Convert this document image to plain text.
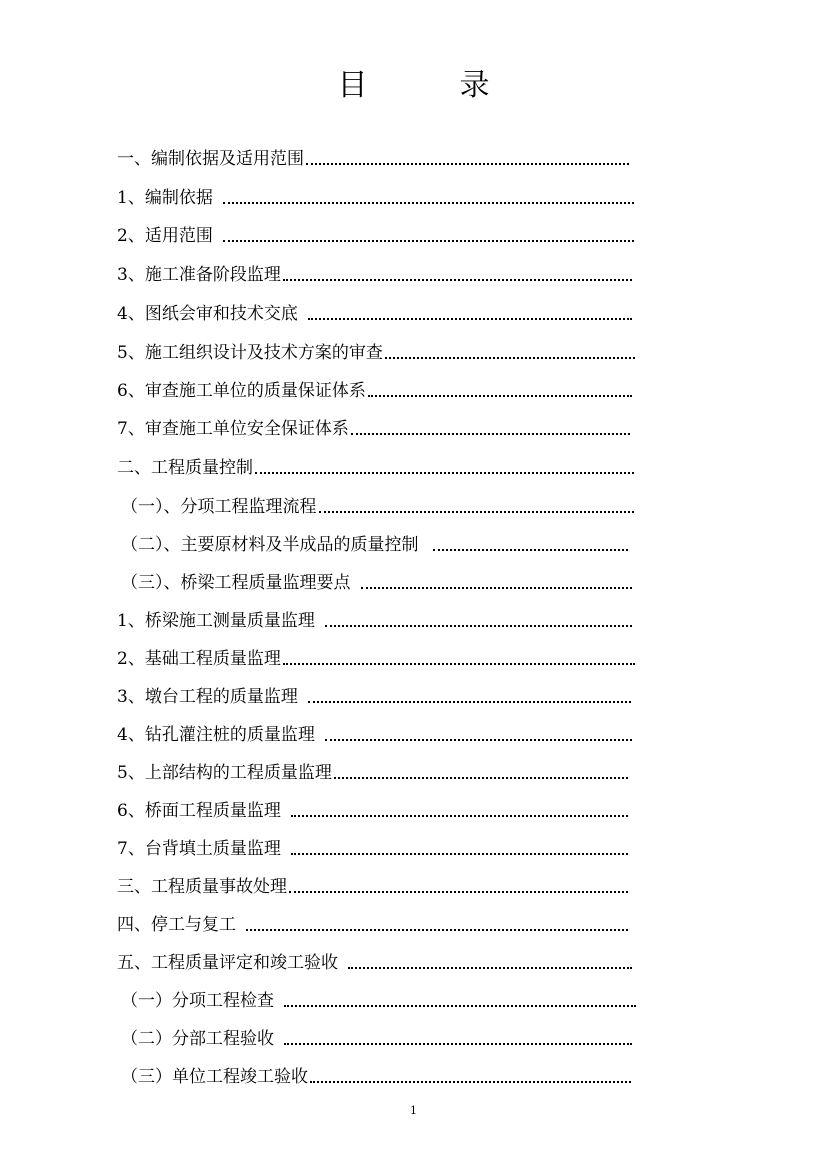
目	录
一、编制依据及适用范围
1、编制依据
2、适用范围
3、施工准备阶段监理
4、图纸会审和技术交底
5、施工组织设计及技术方案的审查
6、审查施工单位的质量保证体系
7、审查施工单位安全保证体系
二、工程质量控制
（一）、分项工程监理流程
（二）、主要原材料及半成品的质量控制
（三）、桥梁工程质量监理要点
1、桥梁施工测量质量监理
2、基础工程质量监理
3、墩台工程的质量监理
4、钻孔灌注桩的质量监理
5、上部结构的工程质量监理
6、桥面工程质量监理
7、台背填土质量监理
三、工程质量事故处理
四、停工与复工
五、工程质量评定和竣工验收
（一）分项工程检查
（二）分部工程验收
（三）单位工程竣工验收
1
